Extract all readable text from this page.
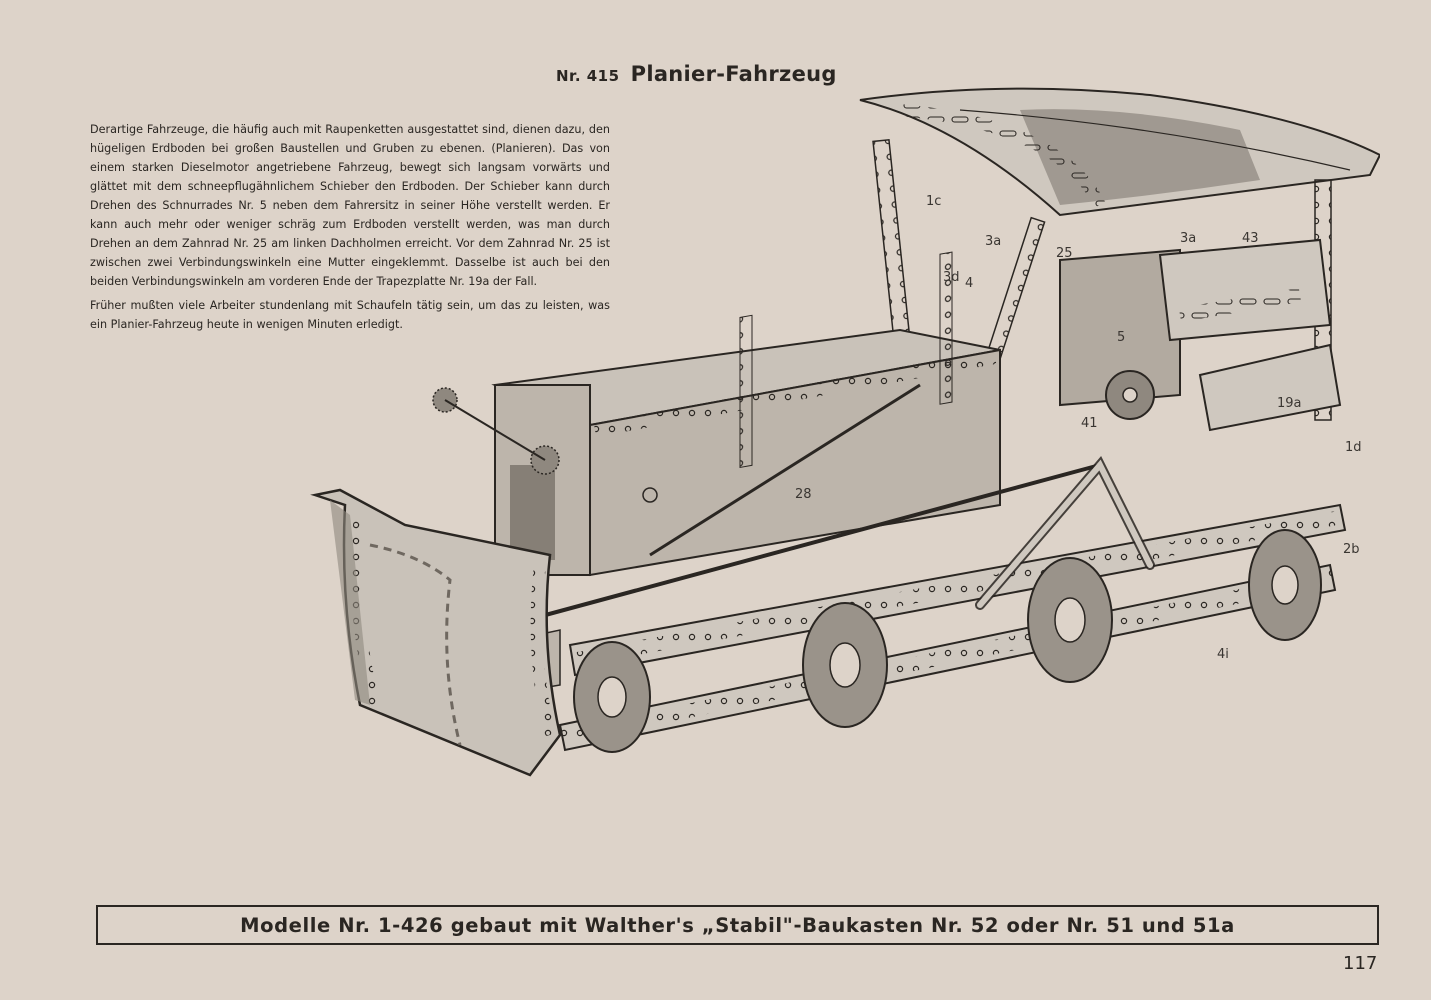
Nr. 415 Planier-Fahrzeug

Derartige Fahrzeuge, die häufig auch mit Raupenketten ausgestattet sind, dienen dazu, den hügeligen Erdboden bei großen Baustellen und Gruben zu ebenen. (Planieren). Das von einem starken Dieselmotor angetriebene Fahrzeug, bewegt sich langsam vorwärts und glättet mit dem schneepflugähnlichem Schieber den Erdboden. Der Schieber kann durch Drehen des Schnurrades Nr. 5 neben dem Fahrersitz in seiner Höhe verstellt werden. Er kann auch mehr oder weniger schräg zum Erdboden verstellt werden, was man durch Drehen an dem Zahnrad Nr. 25 am linken Dachholmen erreicht. Vor dem Zahnrad Nr. 25 ist zwischen zwei Verbindungswinkeln eine Mutter eingeklemmt. Dasselbe ist auch bei den beiden Verbindungswinkeln am vorderen Ende der Trapezplatte Nr. 19a der Fall.

Früher mußten viele Arbeiter stundenlang mit Schaufeln tätig sein, um das zu leisten, was ein Planier-Fahrzeug heute in wenigen Minuten erledigt.

1c
3a
25
3a	43
3d 4
5
19a
41
1d
28
2b
4i
Modelle Nr. 1-426 gebaut mit Walther's „Stabil"-Baukasten Nr. 52 oder Nr. 51 und 51a
117
